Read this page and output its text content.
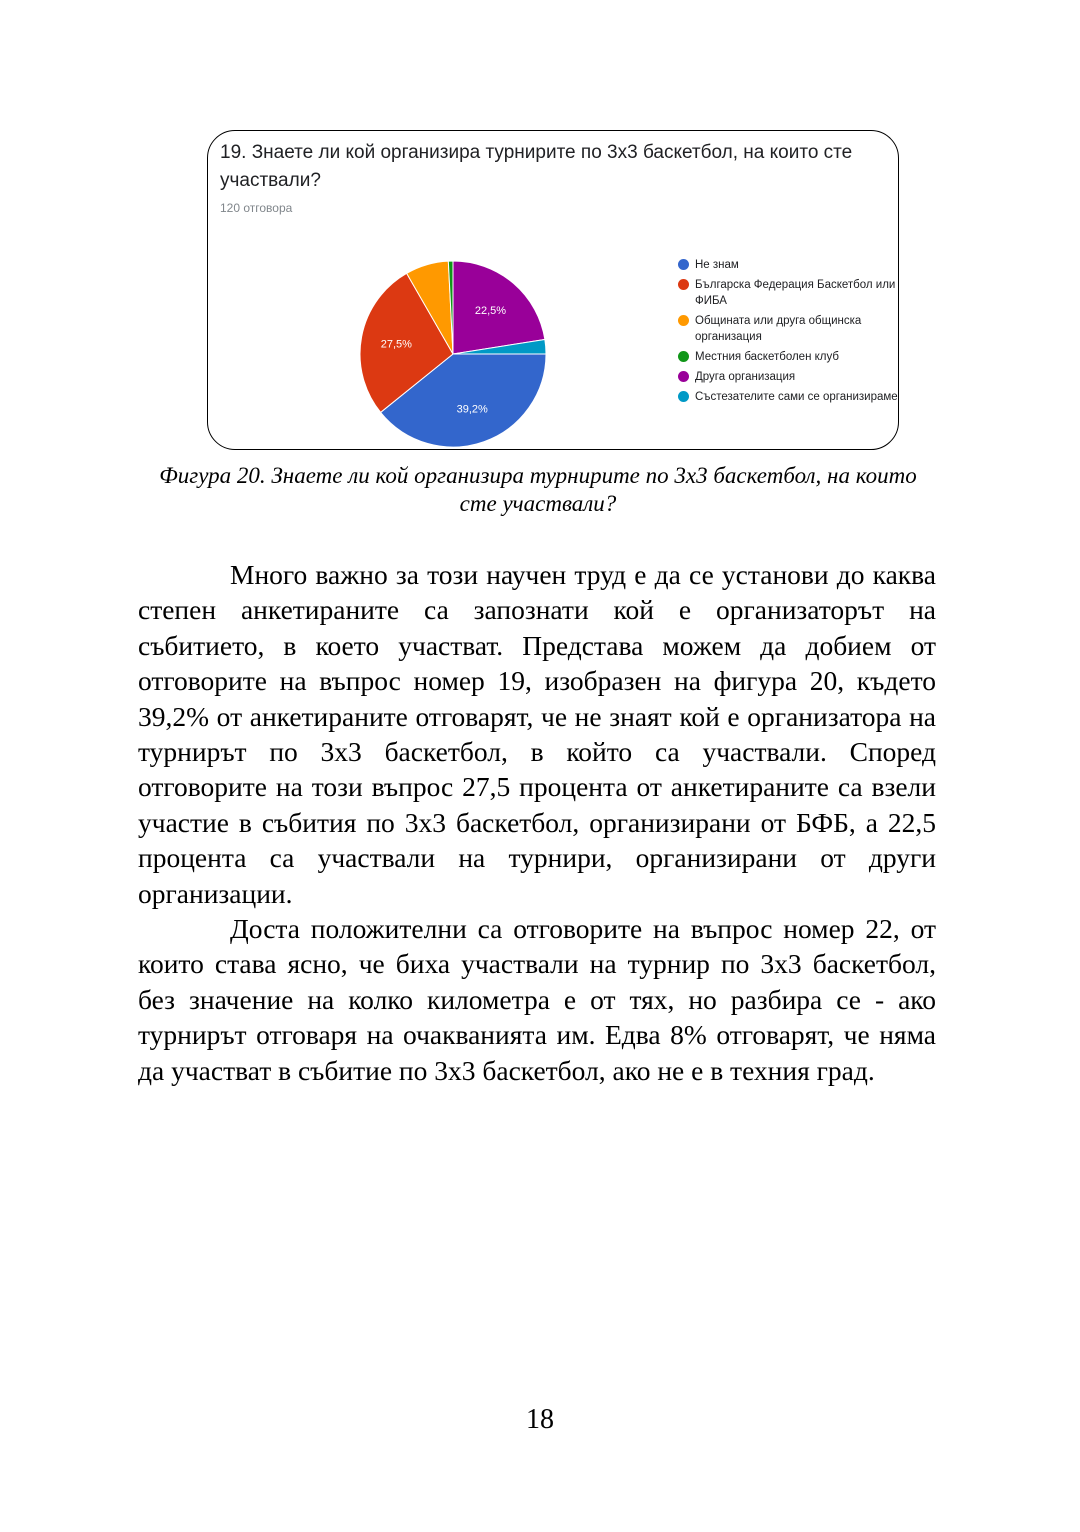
19. Знаете ли кой организира турнирите по 3х3 баскетбол, на които сте участвали?
120 отговора
39,2%
27,5%
22,5%
Не знам
Българска Федерация Баскетбол или ФИБА
Общината или друга общинска организация
Местния баскетболен клуб
Друга организация
Състезателите сами се организираме
Фигура 20. Знаете ли кой организира турнирите по 3х3 баскетбол, на които сте участвали?

Много важно за този научен труд е да се установи до каква степен анкетираните са запознати кой е организаторът на събитието, в което участват. Представа можем да добием от отговорите на въпрос номер 19, изобразен на фигура 20, където 39,2% от анкетираните отговарят, че не знаят кой е организатора на турнирът по 3х3 баскетбол, в който са участвали. Според отговорите на този въпрос 27,5 процента от анкетираните са взели участие в събития по 3х3 баскетбол, организирани от БФБ, а 22,5 процента са участвали на турнири, организирани от други организации.

Доста положителни са отговорите на въпрос номер 22, от които става ясно, че биха участвали на турнир по 3х3 баскетбол, без значение на колко километра е от тях, но разбира се - ако турнирът отговаря на очакванията им. Едва 8% отговарят, че няма да участват в събитие по 3х3 баскетбол, ако не е в техния град.

18
